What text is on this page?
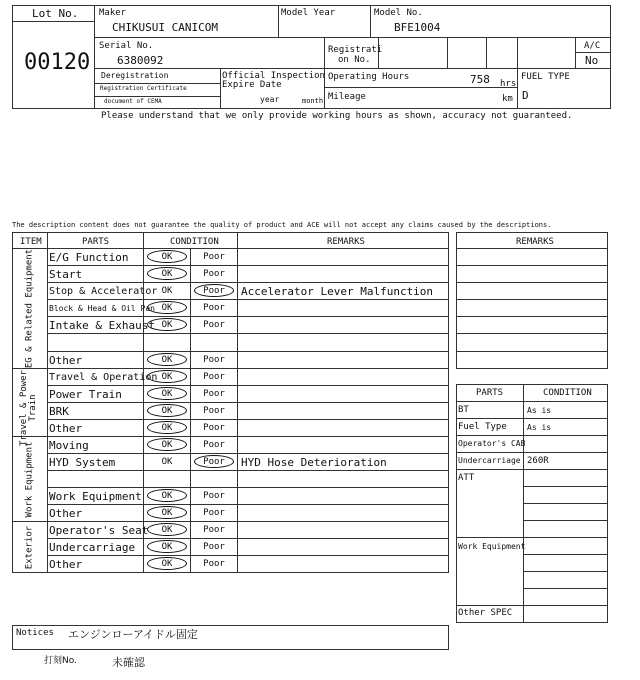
Lot No.
00120
Maker
CHIKUSUI CANICOM
Model Year	Model No.
BFE1004
Serial No.
6380092
Registrati
on No.
A/C
No
Deregistration
Registration Certificate
document of CEMA
Official Inspection
Expire Date
year	month
Operating Hours	758 hrs
Mileage	km
FUEL TYPE
D
Please understand that we only provide working hours as shown, accuracy not guaranteed.
The description content does not guarantee the quality of product and ACE will not accept any claims caused by the descriptions.
ITEM	PARTS	CONDITION	REMARKS
EG & Related Equipment
Travel & Power Train
Work Equipment
Exterior
E/G Function	OK	Poor
Start	OK	Poor
Stop & Accelerator OK	Poor	Accelerator Lever Malfunction
Block & Head & Oil Pan OK	Poor
Intake & Exhaust OK	Poor
Other	OK	Poor
Travel & Operation OK	Poor
Power Train	OK	Poor
BRK	OK	Poor
Other	OK	Poor
Moving	OK	Poor
HYD System	OK	Poor	HYD Hose Deterioration
Work Equipment	OK	Poor
Other	OK	Poor
Operator's Seat	OK	Poor
Undercarriage	OK	Poor
Other	OK	Poor
REMARKS
PARTS	CONDITION
BT	As is
Fuel Type	As is
Operator's CAB
Undercarriage 260R
ATT
Work Equipment
Other SPEC
Notices エンジンローアイドル固定
打刻No.	未確認
